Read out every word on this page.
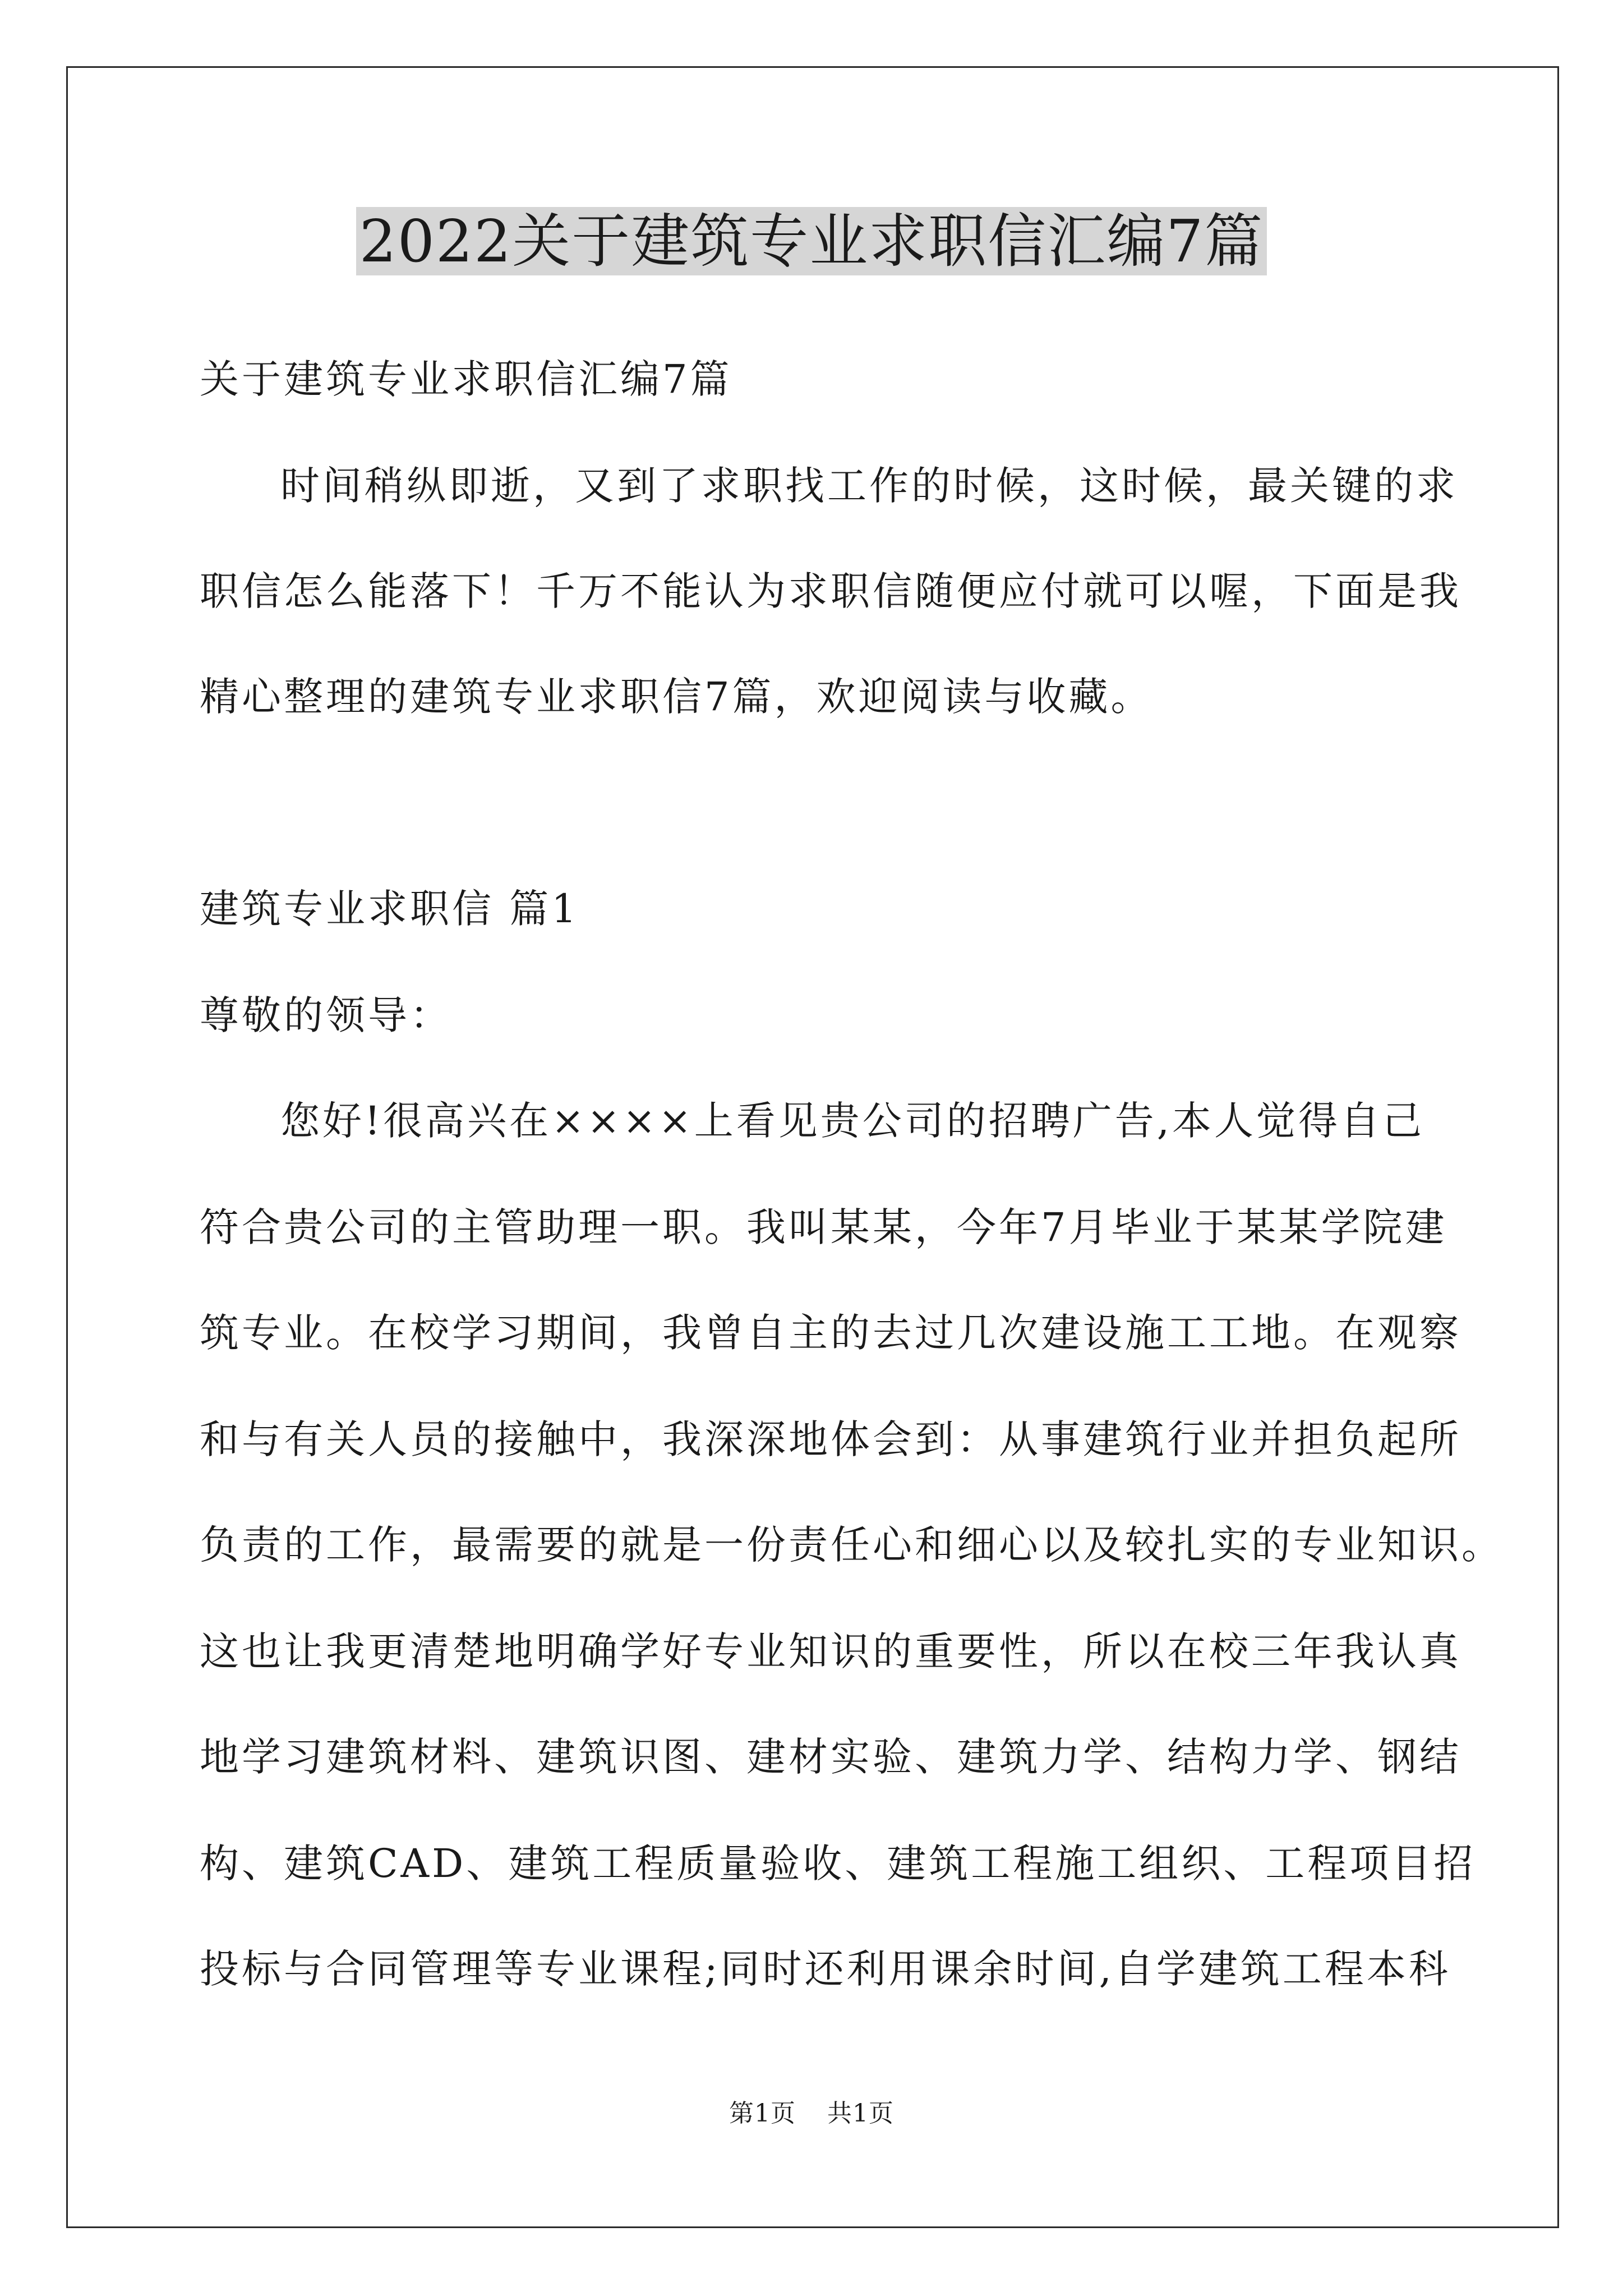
2022关于建筑专业求职信汇编7篇
关于建筑专业求职信汇编7篇
时间稍纵即逝，又到了求职找工作的时候，这时候，最关键的求
职信怎么能落下！千万不能认为求职信随便应付就可以喔，下面是我
精心整理的建筑专业求职信7篇，欢迎阅读与收藏。
建筑专业求职信 篇1
尊敬的领导：
您好!很高兴在××××上看见贵公司的招聘广告,本人觉得自己
符合贵公司的主管助理一职。我叫某某，今年7月毕业于某某学院建
筑专业。在校学习期间，我曾自主的去过几次建设施工工地。在观察
和与有关人员的接触中，我深深地体会到：从事建筑行业并担负起所
负责的工作，最需要的就是一份责任心和细心以及较扎实的专业知识。
这也让我更清楚地明确学好专业知识的重要性，所以在校三年我认真
地学习建筑材料、建筑识图、建材实验、建筑力学、结构力学、钢结
构、建筑CAD、建筑工程质量验收、建筑工程施工组织、工程项目招
投标与合同管理等专业课程;同时还利用课余时间,自学建筑工程本科
第1页 共1页
